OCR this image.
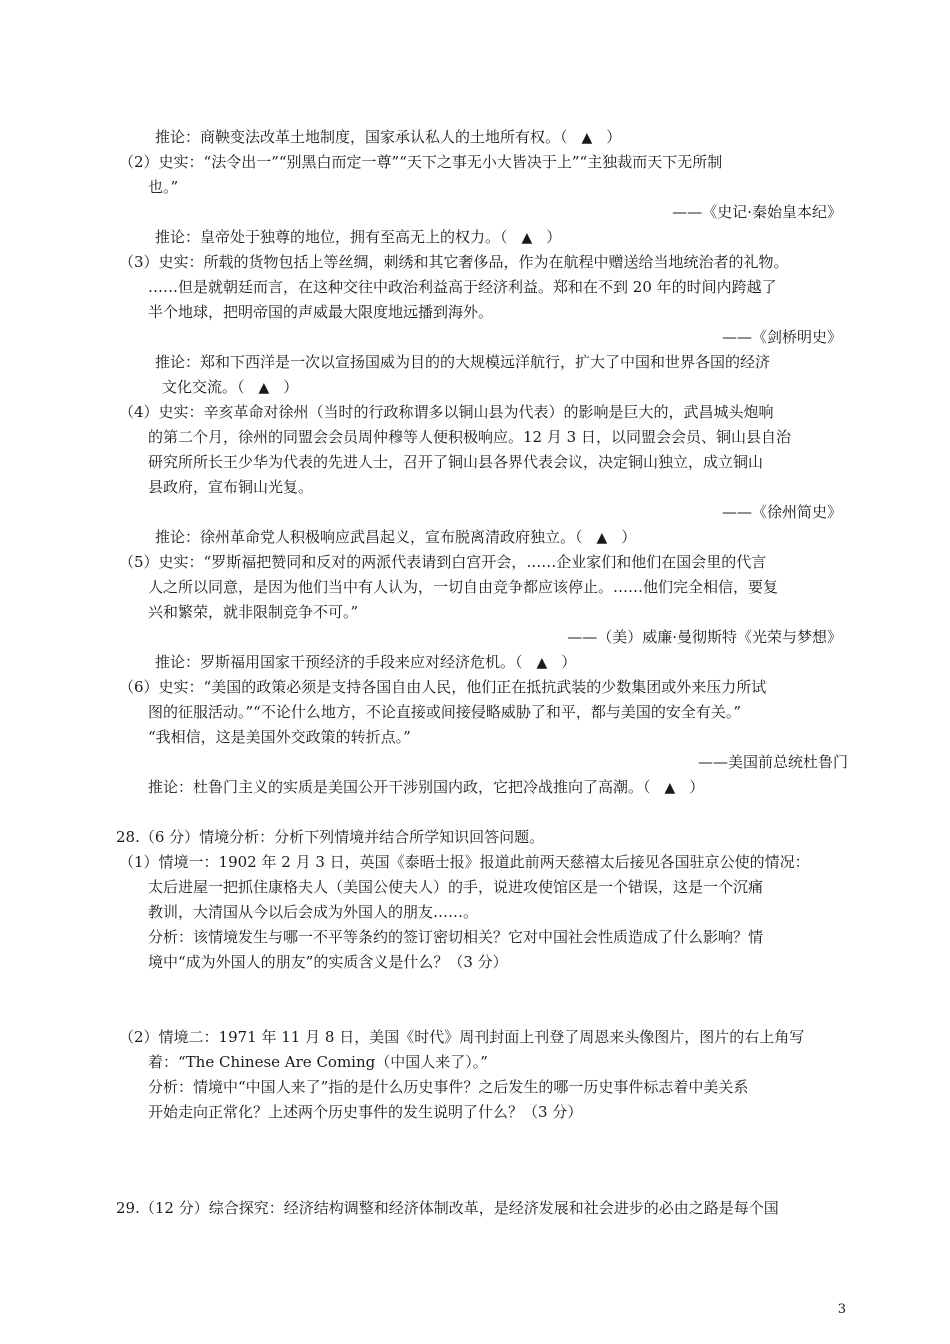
推论：商鞅变法改革土地制度，国家承认私人的土地所有权。（ ▲ ）
（2）史实：“法令出一”“别黑白而定一尊”“天下之事无小大皆决于上”“主独裁而天下无所制
也。”
——《史记·秦始皇本纪》
推论：皇帝处于独尊的地位，拥有至高无上的权力。（ ▲ ）
（3）史实：所载的货物包括上等丝绸，刺绣和其它奢侈品，作为在航程中赠送给当地统治者的礼物。
……但是就朝廷而言，在这种交往中政治利益高于经济利益。郑和在不到 20 年的时间内跨越了
半个地球，把明帝国的声威最大限度地远播到海外。
——《剑桥明史》
推论：郑和下西洋是一次以宣扬国威为目的的大规模远洋航行，扩大了中国和世界各国的经济
文化交流。（ ▲ ）
（4）史实：辛亥革命对徐州（当时的行政称谓多以铜山县为代表）的影响是巨大的，武昌城头炮响
的第二个月，徐州的同盟会会员周仲穆等人便积极响应。12 月 3 日，以同盟会会员、铜山县自治
研究所所长王少华为代表的先进人士，召开了铜山县各界代表会议，决定铜山独立，成立铜山
县政府，宣布铜山光复。
——《徐州简史》
推论：徐州革命党人积极响应武昌起义，宣布脱离清政府独立。（ ▲ ）
（5）史实：“罗斯福把赞同和反对的两派代表请到白宫开会，……企业家们和他们在国会里的代言
人之所以同意，是因为他们当中有人认为，一切自由竞争都应该停止。……他们完全相信，要复
兴和繁荣，就非限制竞争不可。”
——（美）威廉·曼彻斯特《光荣与梦想》
推论：罗斯福用国家干预经济的手段来应对经济危机。（ ▲ ）
（6）史实：“美国的政策必须是支持各国自由人民，他们正在抵抗武装的少数集团或外来压力所试
图的征服活动。”“不论什么地方，不论直接或间接侵略威胁了和平，都与美国的安全有关。”
“我相信，这是美国外交政策的转折点。”
——美国前总统杜鲁门
推论：杜鲁门主义的实质是美国公开干涉别国内政，它把冷战推向了高潮。（ ▲ ）
28.（6 分）情境分析：分析下列情境并结合所学知识回答问题。
（1）情境一：1902 年 2 月 3 日，英国《泰晤士报》报道此前两天慈禧太后接见各国驻京公使的情况：
太后进屋一把抓住康格夫人（美国公使夫人）的手，说进攻使馆区是一个错误，这是一个沉痛
教训，大清国从今以后会成为外国人的朋友……。
分析：该情境发生与哪一不平等条约的签订密切相关？它对中国社会性质造成了什么影响？情
境中“成为外国人的朋友”的实质含义是什么？（3 分）
（2）情境二：1971 年 11 月 8 日，美国《时代》周刊封面上刊登了周恩来头像图片，图片的右上角写
着：“The Chinese Are Coming（中国人来了）。”
分析：情境中“中国人来了”指的是什么历史事件？之后发生的哪一历史事件标志着中美关系
开始走向正常化？上述两个历史事件的发生说明了什么？（3 分）
29.（12 分）综合探究：经济结构调整和经济体制改革，是经济发展和社会进步的必由之路是每个国
3
